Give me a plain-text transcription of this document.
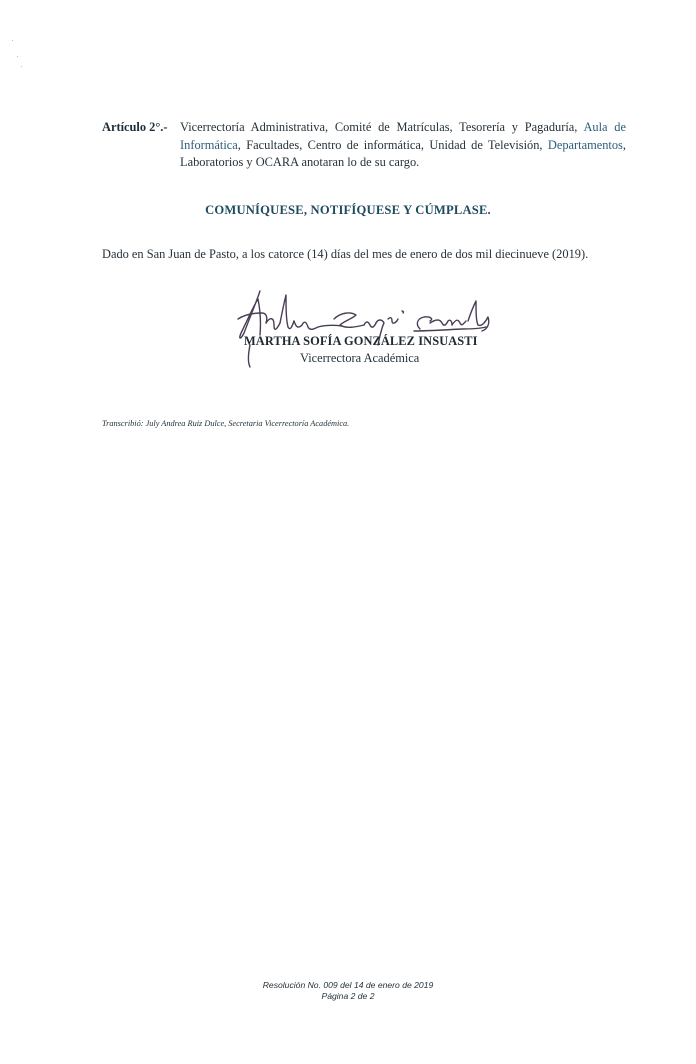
Artículo 2°.- Vicerrectoría Administrativa, Comité de Matrículas, Tesorería y Pagaduría, Aula de Informática, Facultades, Centro de informática, Unidad de Televisión, Departamentos, Laboratorios y OCARA anotaran lo de su cargo.
COMUNÍQUESE, NOTIFÍQUESE Y CÚMPLASE.
Dado en San Juan de Pasto, a los catorce (14) días del mes de enero de dos mil diecinueve (2019).
MARTHA SOFÍA GONZÁLEZ INSUASTI
Vicerrectora Académica
Transcribió: July Andrea Ruiz Dulce, Secretaria Vicerrectoría Académica.
Resolución No. 009 del 14 de enero de 2019
Página 2 de 2
